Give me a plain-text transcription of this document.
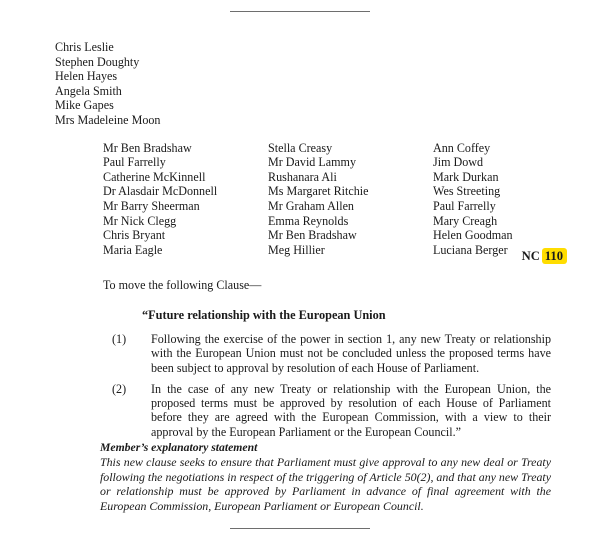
Chris Leslie
Stephen Doughty
Helen Hayes
Angela Smith
Mike Gapes
Mrs Madeleine Moon
Mr Ben Bradshaw
Paul Farrelly
Catherine McKinnell
Dr Alasdair McDonnell
Mr Barry Sheerman
Mr Nick Clegg
Chris Bryant
Maria Eagle
Stella Creasy
Mr David Lammy
Rushanara Ali
Ms Margaret Ritchie
Mr Graham Allen
Emma Reynolds
Mr Ben Bradshaw
Meg Hillier
Ann Coffey
Jim Dowd
Mark Durkan
Wes Streeting
Paul Farrelly
Mary Creagh
Helen Goodman
Luciana Berger	NC 110
To move the following Clause—
“Future relationship with the European Union
(1)	Following the exercise of the power in section 1, any new Treaty or relationship with the European Union must not be concluded unless the proposed terms have been subject to approval by resolution of each House of Parliament.
(2)	In the case of any new Treaty or relationship with the European Union, the proposed terms must be approved by resolution of each House of Parliament before they are agreed with the European Commission, with a view to their approval by the European Parliament or the European Council.”
Member’s explanatory statement
This new clause seeks to ensure that Parliament must give approval to any new deal or Treaty following the negotiations in respect of the triggering of Article 50(2), and that any new Treaty or relationship must be approved by Parliament in advance of final agreement with the European Commission, European Parliament or European Council.
